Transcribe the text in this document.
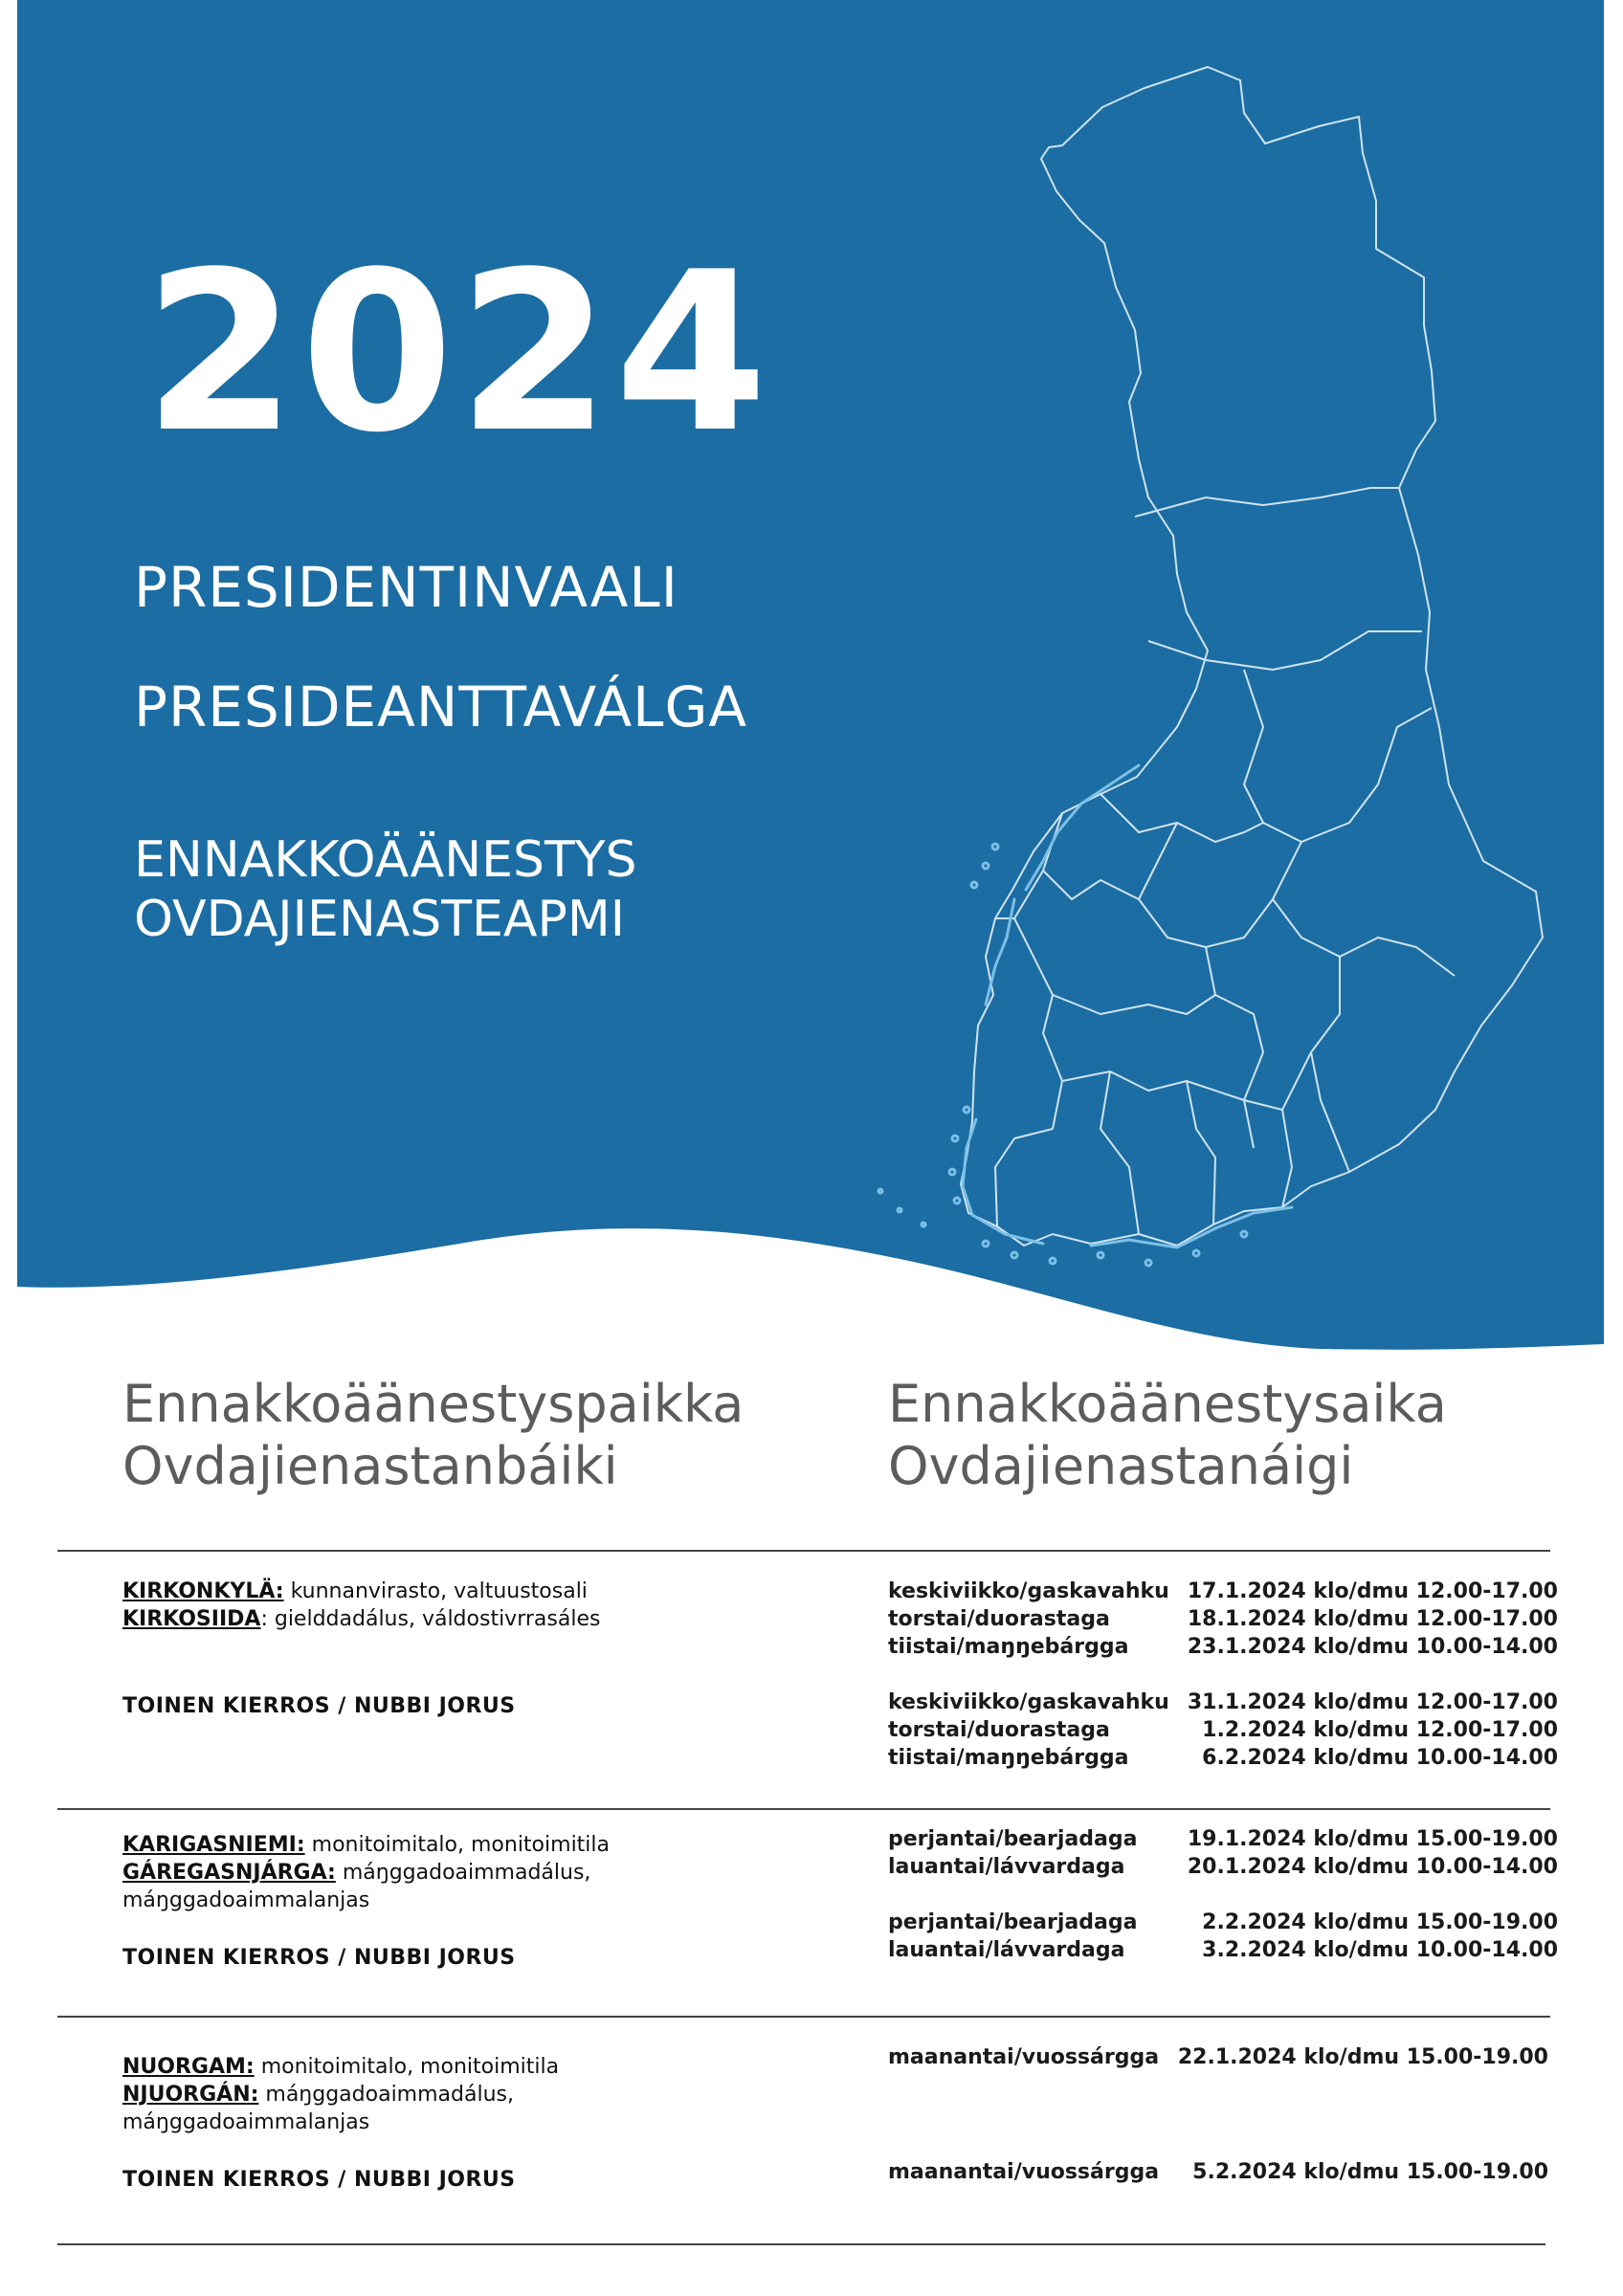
2024
PRESIDENTINVAALI
PRESIDEANTTAVÁLGA
ENNAKKOÄÄNESTYS
OVDAJIENASTEAPMI
Ennakkoäänestyspaikka
Ovdajienastanbáiki
Ennakkoäänestysaika
Ovdajienastanáigi
KIRKONKYLÄ: kunnanvirasto, valtuustosali
KIRKOSIIDA: gielddadálus, váldostivrrasáles
TOINEN KIERROS / NUBBI JORUS
keskiviikko/gaskavahku 17.1.2024 klo/dmu 12.00-17.00
torstai/duorastaga	18.1.2024 klo/dmu 12.00-17.00
tiistai/maŋŋebárgga	23.1.2024 klo/dmu 10.00-14.00
keskiviikko/gaskavahku 31.1.2024 klo/dmu 12.00-17.00
torstai/duorastaga	1.2.2024 klo/dmu 12.00-17.00
tiistai/maŋŋebárgga	6.2.2024 klo/dmu 10.00-14.00
KARIGASNIEMI: monitoimitalo, monitoimitila
GÁREGASNJÁRGA: máŋggadoaimmadálus,
máŋggadoaimmalanjas
TOINEN KIERROS / NUBBI JORUS
perjantai/bearjadaga 19.1.2024 klo/dmu 15.00-19.00
lauantai/lávvardaga	20.1.2024 klo/dmu 10.00-14.00
perjantai/bearjadaga	2.2.2024 klo/dmu 15.00-19.00
lauantai/lávvardaga	3.2.2024 klo/dmu 10.00-14.00
NUORGAM: monitoimitalo, monitoimitila
NJUORGÁN: máŋggadoaimmadálus,
máŋggadoaimmalanjas
TOINEN KIERROS / NUBBI JORUS
maanantai/vuossárgga 22.1.2024 klo/dmu 15.00-19.00
maanantai/vuossárgga 5.2.2024 klo/dmu 15.00-19.00
